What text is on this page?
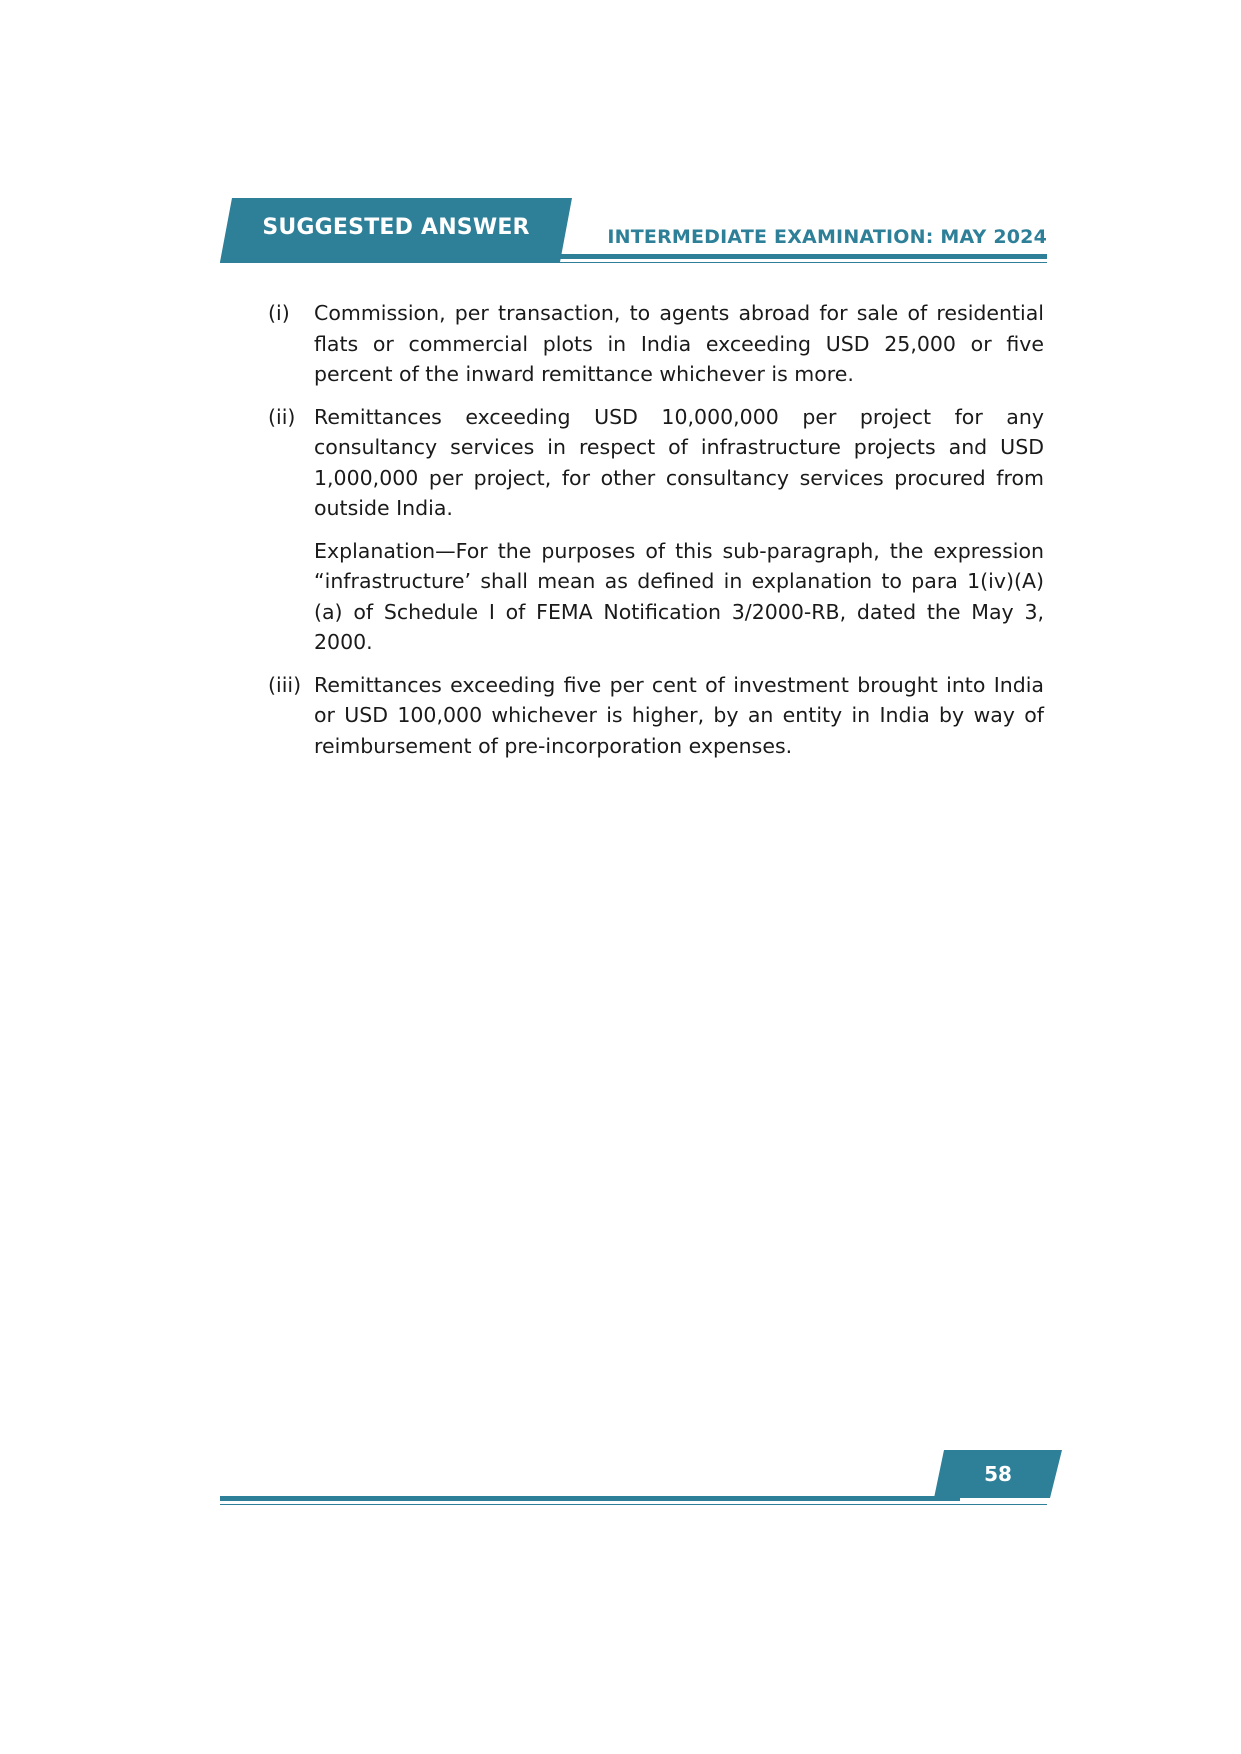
SUGGESTED ANSWER	INTERMEDIATE EXAMINATION: MAY 2024
(i)	Commission, per transaction, to agents abroad for sale of residential flats or commercial plots in India exceeding USD 25,000 or five percent of the inward remittance whichever is more.
(ii) Remittances exceeding USD 10,000,000 per project for any consultancy services in respect of infrastructure projects and USD 1,000,000 per project, for other consultancy services procured from outside India.
Explanation—For the purposes of this sub-paragraph, the expression “infrastructure’ shall mean as defined in explanation to para 1(iv)(A)(a) of Schedule I of FEMA Notification 3/2000-RB, dated the May 3, 2000.
(iii) Remittances exceeding five per cent of investment brought into India or USD 100,000 whichever is higher, by an entity in India by way of reimbursement of pre-incorporation expenses.
58
